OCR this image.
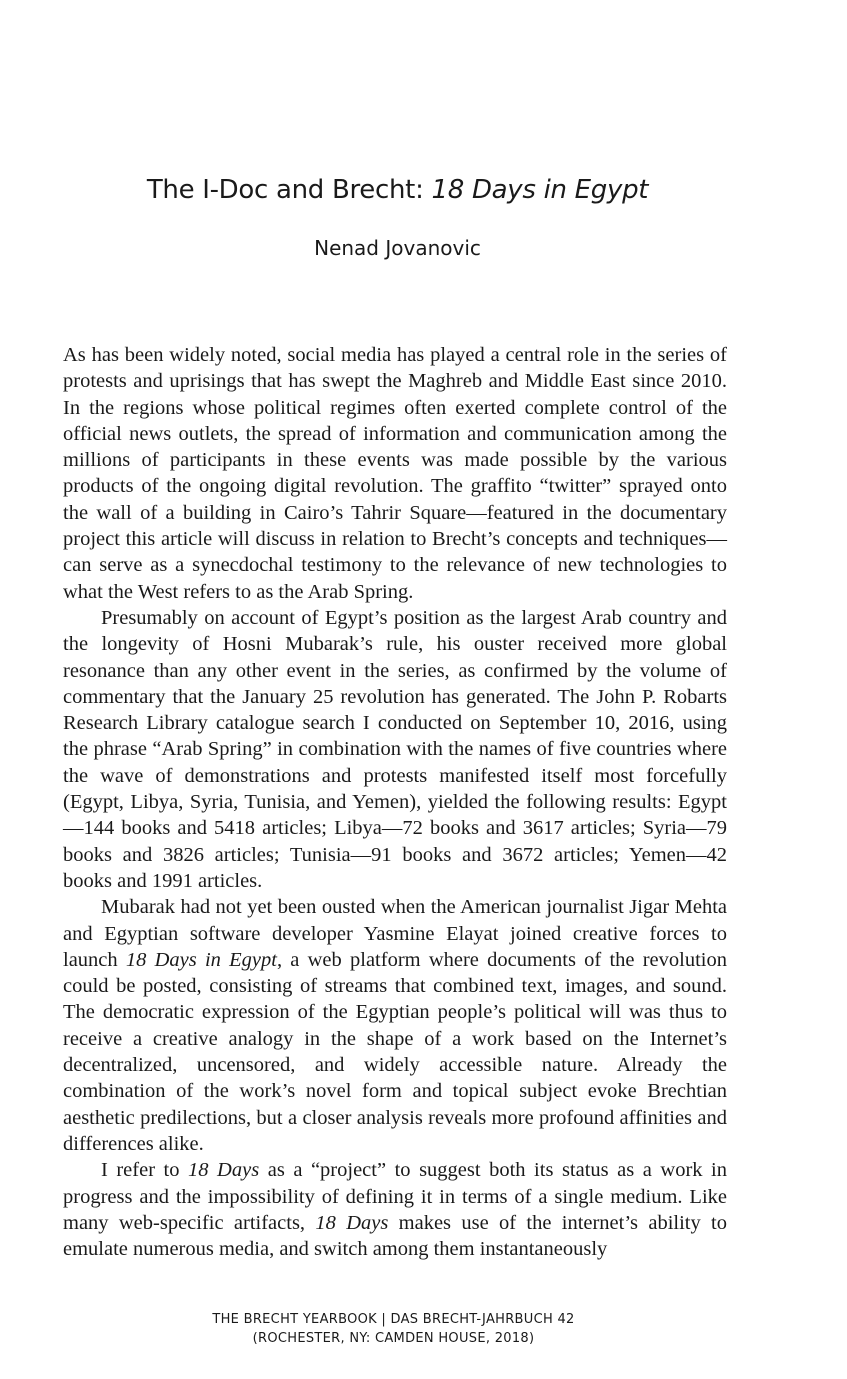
The I-Doc and Brecht: 18 Days in Egypt
Nenad Jovanovic

As has been widely noted, social media has played a central role in the series of protests and uprisings that has swept the Maghreb and Middle East since 2010. In the regions whose political regimes often exerted complete control of the official news outlets, the spread of information and communication among the millions of participants in these events was made possible by the various products of the ongoing digital revolution. The graffito “twitter” sprayed onto the wall of a building in Cairo’s Tahrir Square—featured in the documentary project this article will discuss in relation to Brecht’s concepts and techniques—can serve as a synecdochal testimony to the relevance of new technologies to what the West refers to as the Arab Spring.

Presumably on account of Egypt’s position as the largest Arab country and the longevity of Hosni Mubarak’s rule, his ouster received more global resonance than any other event in the series, as confirmed by the volume of commentary that the January 25 revolution has generated. The John P. Robarts Research Library catalogue search I conducted on September 10, 2016, using the phrase “Arab Spring” in combination with the names of five countries where the wave of demonstrations and protests manifested itself most forcefully (Egypt, Libya, Syria, Tunisia, and Yemen), yielded the following results: Egypt—144 books and 5418 articles; Libya—72 books and 3617 articles; Syria—79 books and 3826 articles; Tunisia—91 books and 3672 articles; Yemen—42 books and 1991 articles.

Mubarak had not yet been ousted when the American journalist Jigar Mehta and Egyptian software developer Yasmine Elayat joined creative forces to launch 18 Days in Egypt, a web platform where documents of the revolution could be posted, consisting of streams that combined text, images, and sound. The democratic expression of the Egyptian people’s political will was thus to receive a creative analogy in the shape of a work based on the Internet’s decentralized, uncensored, and widely accessible nature. Already the combination of the work’s novel form and topical subject evoke Brechtian aesthetic predilections, but a closer analysis reveals more profound affinities and differences alike.

I refer to 18 Days as a “project” to suggest both its status as a work in progress and the impossibility of defining it in terms of a single medium. Like many web-specific artifacts, 18 Days makes use of the internet’s ability to emulate numerous media, and switch among them instantaneously

THE BRECHT YEARBOOK | DAS BRECHT-JAHRBUCH 42
(ROCHESTER, NY: CAMDEN HOUSE, 2018)
